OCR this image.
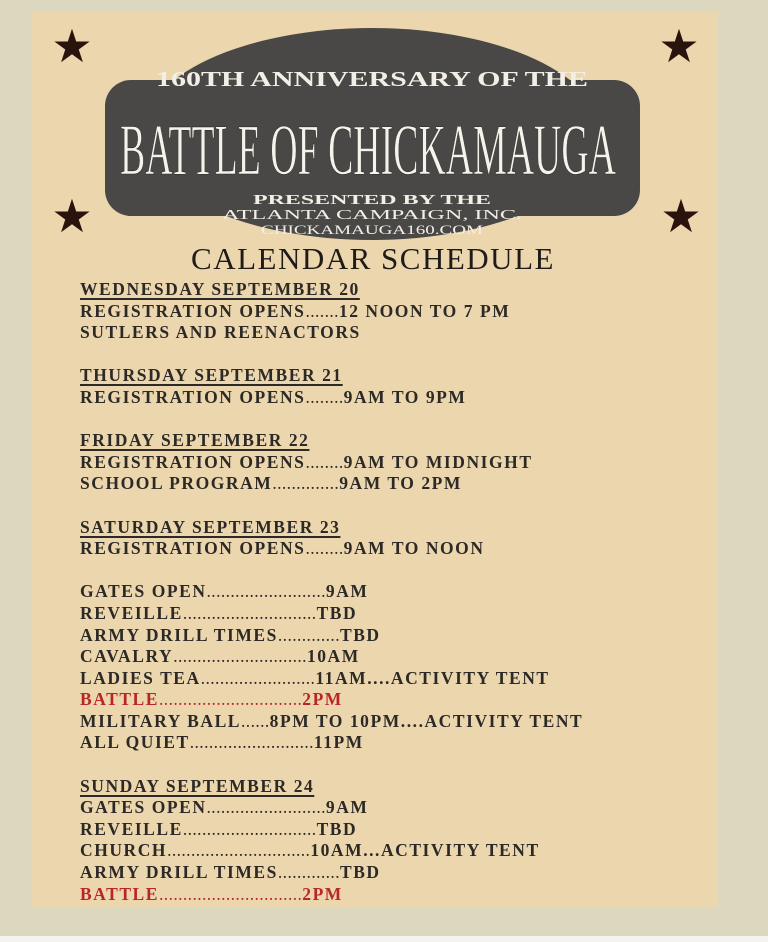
★	★
★	★
160TH ANNIVERSARY OF THE
BATTLE OF CHICKAMAUGA
PRESENTED BY THE
ATLANTA CAMPAIGN, INC.
CHICKAMAUGA160.COM
CALENDAR SCHEDULE
WEDNESDAY SEPTEMBER 20
REGISTRATION OPENS.......12 NOON TO 7 PM
SUTLERS AND REENACTORS
THURSDAY SEPTEMBER 21
REGISTRATION OPENS........9AM TO 9PM
FRIDAY SEPTEMBER 22
REGISTRATION OPENS........9AM TO MIDNIGHT
SCHOOL PROGRAM..............9AM TO 2PM
SATURDAY SEPTEMBER 23
REGISTRATION OPENS........9AM TO NOON
GATES OPEN.........................9AM
REVEILLE............................TBD
ARMY DRILL TIMES.............TBD
CAVALRY............................10AM
LADIES TEA........................11AM....ACTIVITY TENT
BATTLE..............................2PM
MILITARY BALL......8PM TO 10PM....ACTIVITY TENT
ALL QUIET..........................11PM
SUNDAY SEPTEMBER 24
GATES OPEN.........................9AM
REVEILLE............................TBD
CHURCH..............................10AM...ACTIVITY TENT
ARMY DRILL TIMES.............TBD
BATTLE..............................2PM
